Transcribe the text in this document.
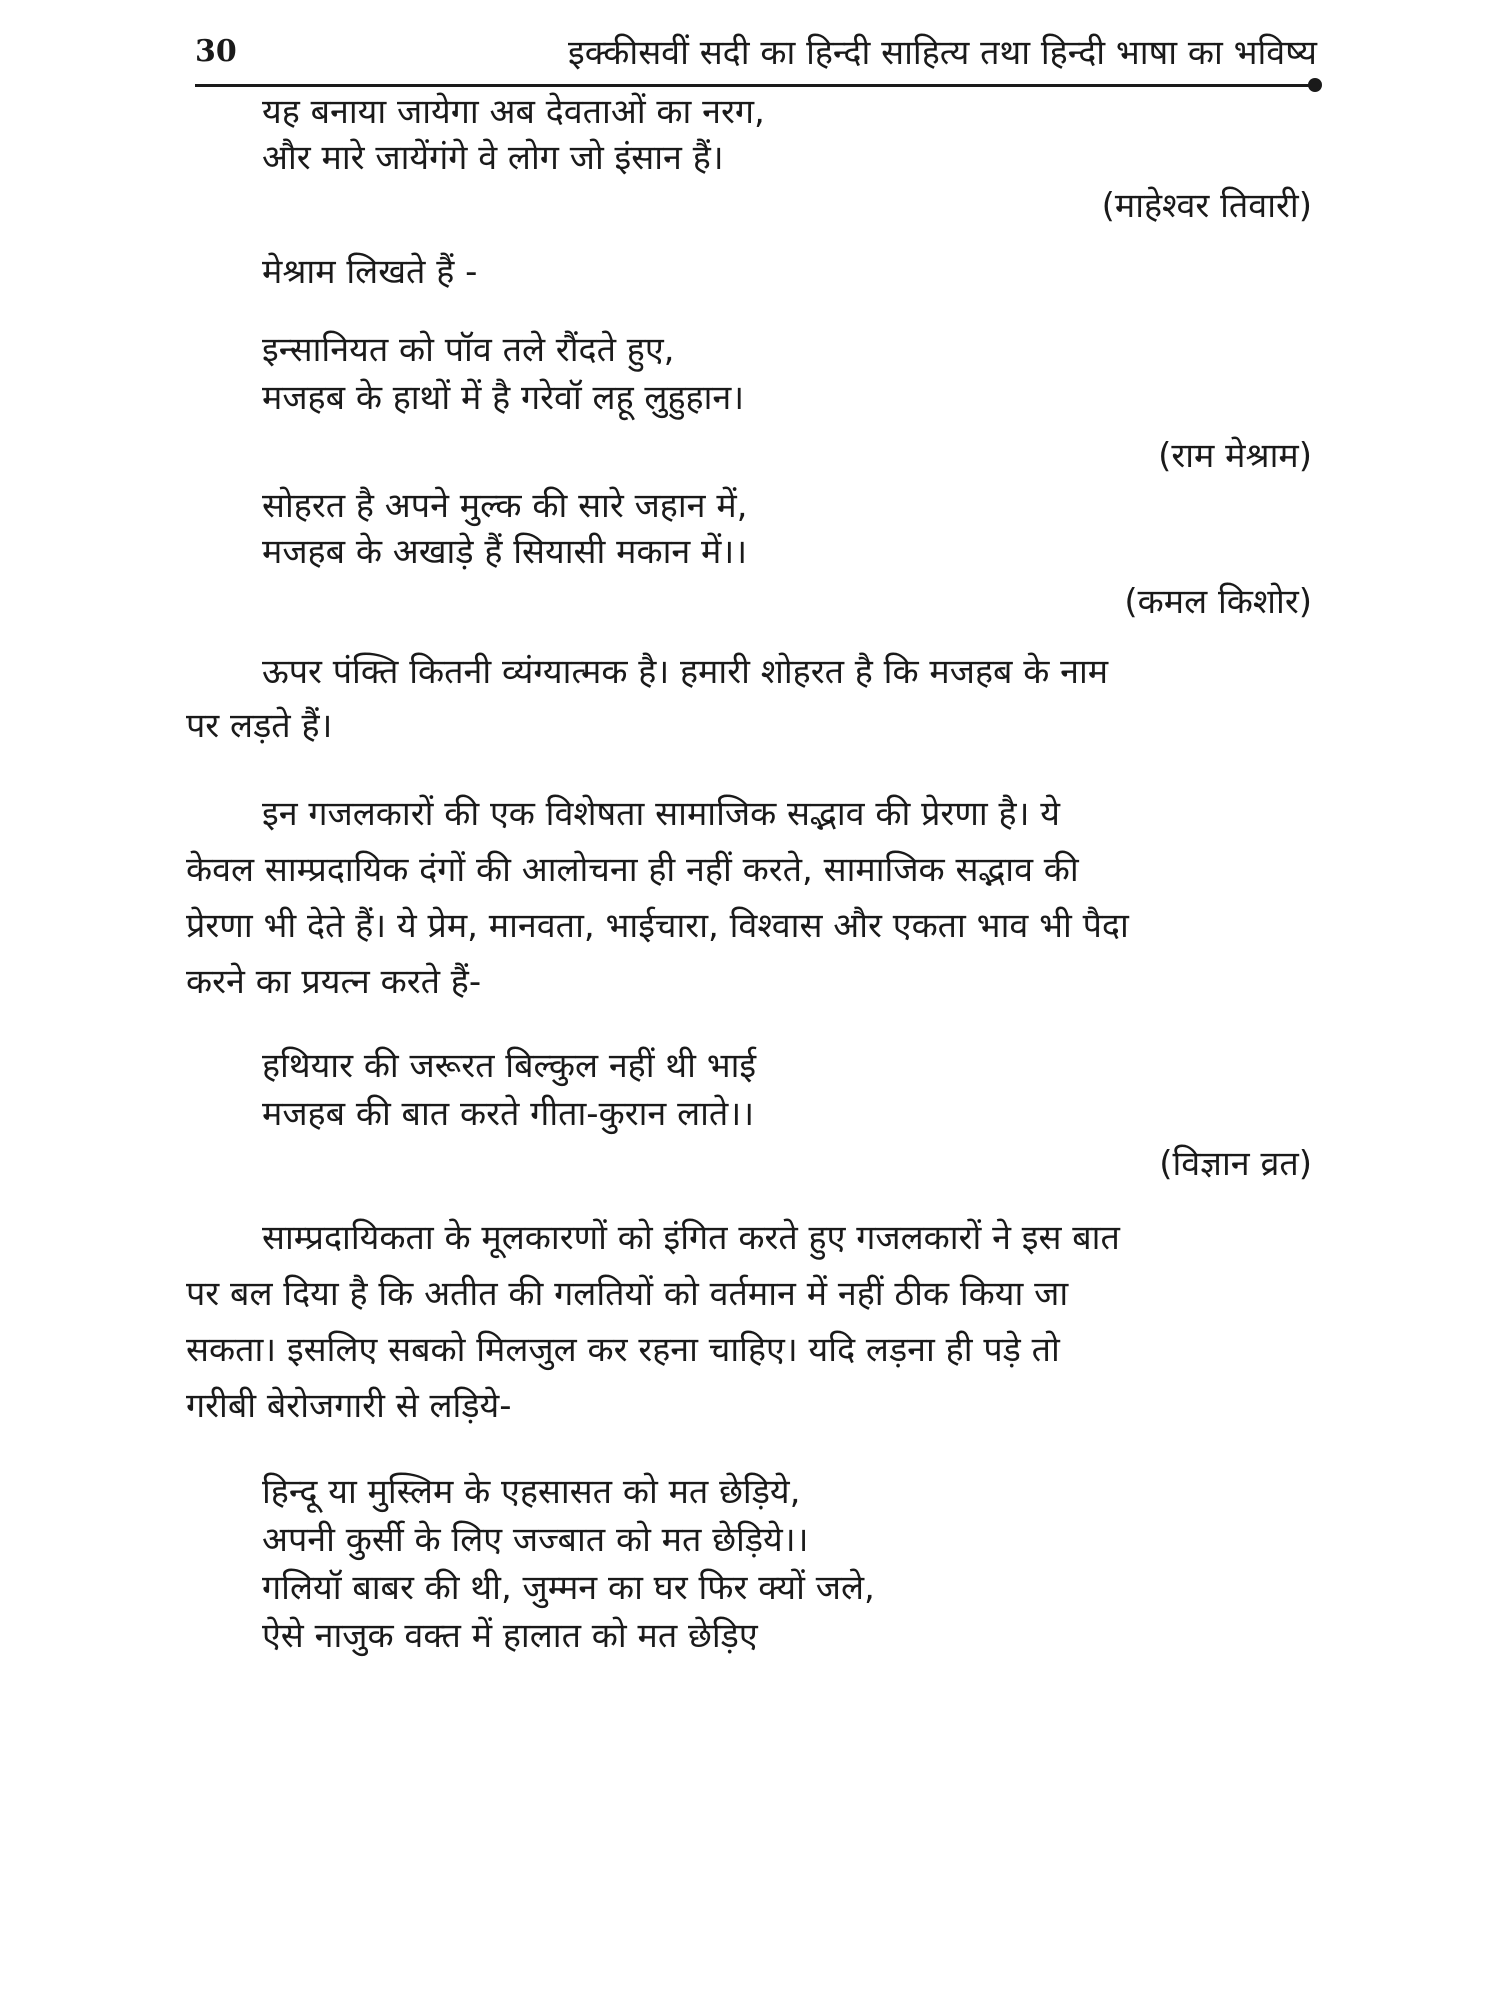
30	इक्कीसवीं सदी का हिन्दी साहित्य तथा हिन्दी भाषा का भविष्य
यह बनाया जायेगा अब देवताओं का नरग,
और मारे जायेंगंगे वे लोग जो इंसान हैं।
(माहेश्वर तिवारी)
मेश्राम लिखते हैं -
इन्सानियत को पॉव तले रौंदते हुए,
मजहब के हाथों में है गरेवॉ लहू लुहुहान।
(राम मेश्राम)
सोहरत है अपने मुल्क की सारे जहान में,
मजहब के अखाड़े हैं सियासी मकान में।।
(कमल किशोर)
ऊपर पंक्ति कितनी व्यंग्यात्मक है। हमारी शोहरत है कि मजहब के नाम
पर लड़ते हैं।
इन गजलकारों की एक विशेषता सामाजिक सद्भाव की प्रेरणा है। ये
केवल साम्प्रदायिक दंगों की आलोचना ही नहीं करते, सामाजिक सद्भाव की
प्रेरणा भी देते हैं। ये प्रेम, मानवता, भाईचारा, विश्वास और एकता भाव भी पैदा
करने का प्रयत्न करते हैं-
हथियार की जरूरत बिल्कुल नहीं थी भाई
मजहब की बात करते गीता-कुरान लाते।।
(विज्ञान व्रत)
साम्प्रदायिकता के मूलकारणों को इंगित करते हुए गजलकारों ने इस बात
पर बल दिया है कि अतीत की गलतियों को वर्तमान में नहीं ठीक किया जा
सकता। इसलिए सबको मिलजुल कर रहना चाहिए। यदि लड़ना ही पड़े तो
गरीबी बेरोजगारी से लड़िये-
हिन्दू या मुस्लिम के एहसासत को मत छेड़िये,
अपनी कुर्सी के लिए जज्बात को मत छेड़िये।।
गलियॉ बाबर की थी, जुम्मन का घर फिर क्यों जले,
ऐसे नाजुक वक्त में हालात को मत छेड़िए
